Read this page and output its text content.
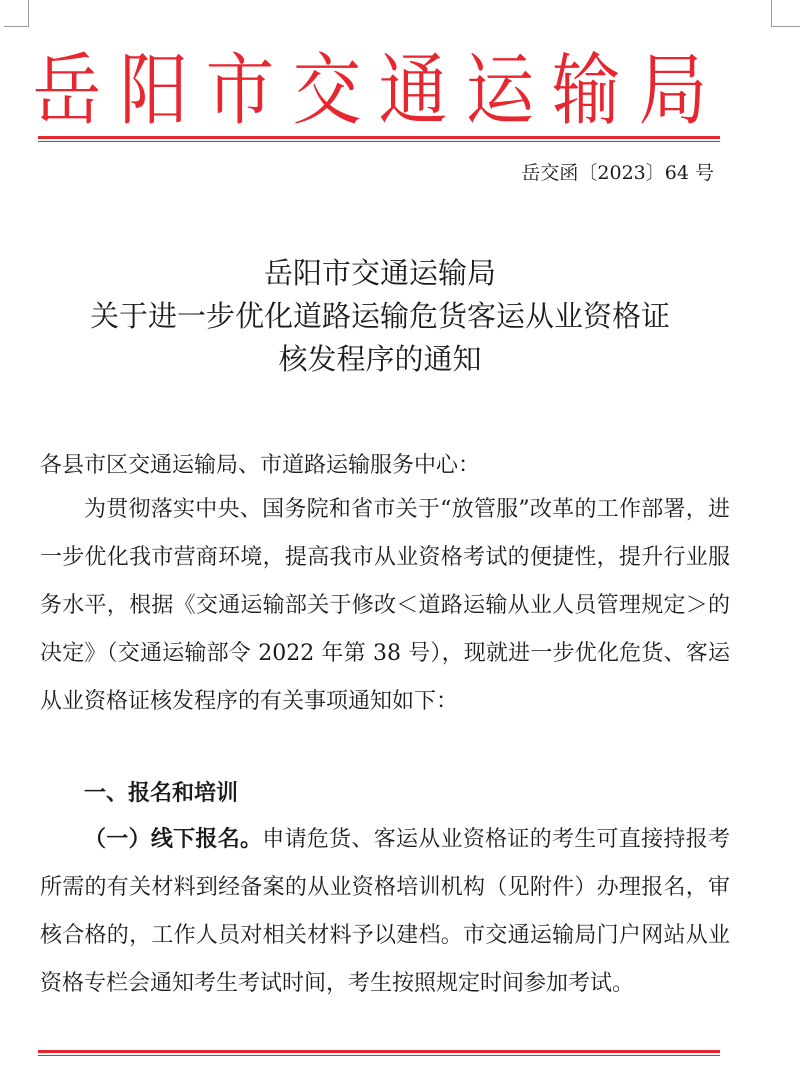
岳 阳 市 交 通 运 输 局
岳交函〔2023〕64 号
岳阳市交通运输局
关于进一步优化道路运输危货客运从业资格证
核发程序的通知
各县市区交通运输局、市道路运输服务中心：

为贯彻落实中央、国务院和省市关于“放管服”改革的工作部署，进一步优化我市营商环境，提高我市从业资格考试的便捷性，提升行业服务水平，根据《交通运输部关于修改＜道路运输从业人员管理规定＞的决定》（交通运输部令 2022 年第 38 号），现就进一步优化危货、客运从业资格证核发程序的有关事项通知如下：

一、报名和培训

（一）线下报名。申请危货、客运从业资格证的考生可直接持报考所需的有关材料到经备案的从业资格培训机构（见附件）办理报名，审核合格的，工作人员对相关材料予以建档。市交通运输局门户网站从业资格专栏会通知考生考试时间，考生按照规定时间参加考试。
